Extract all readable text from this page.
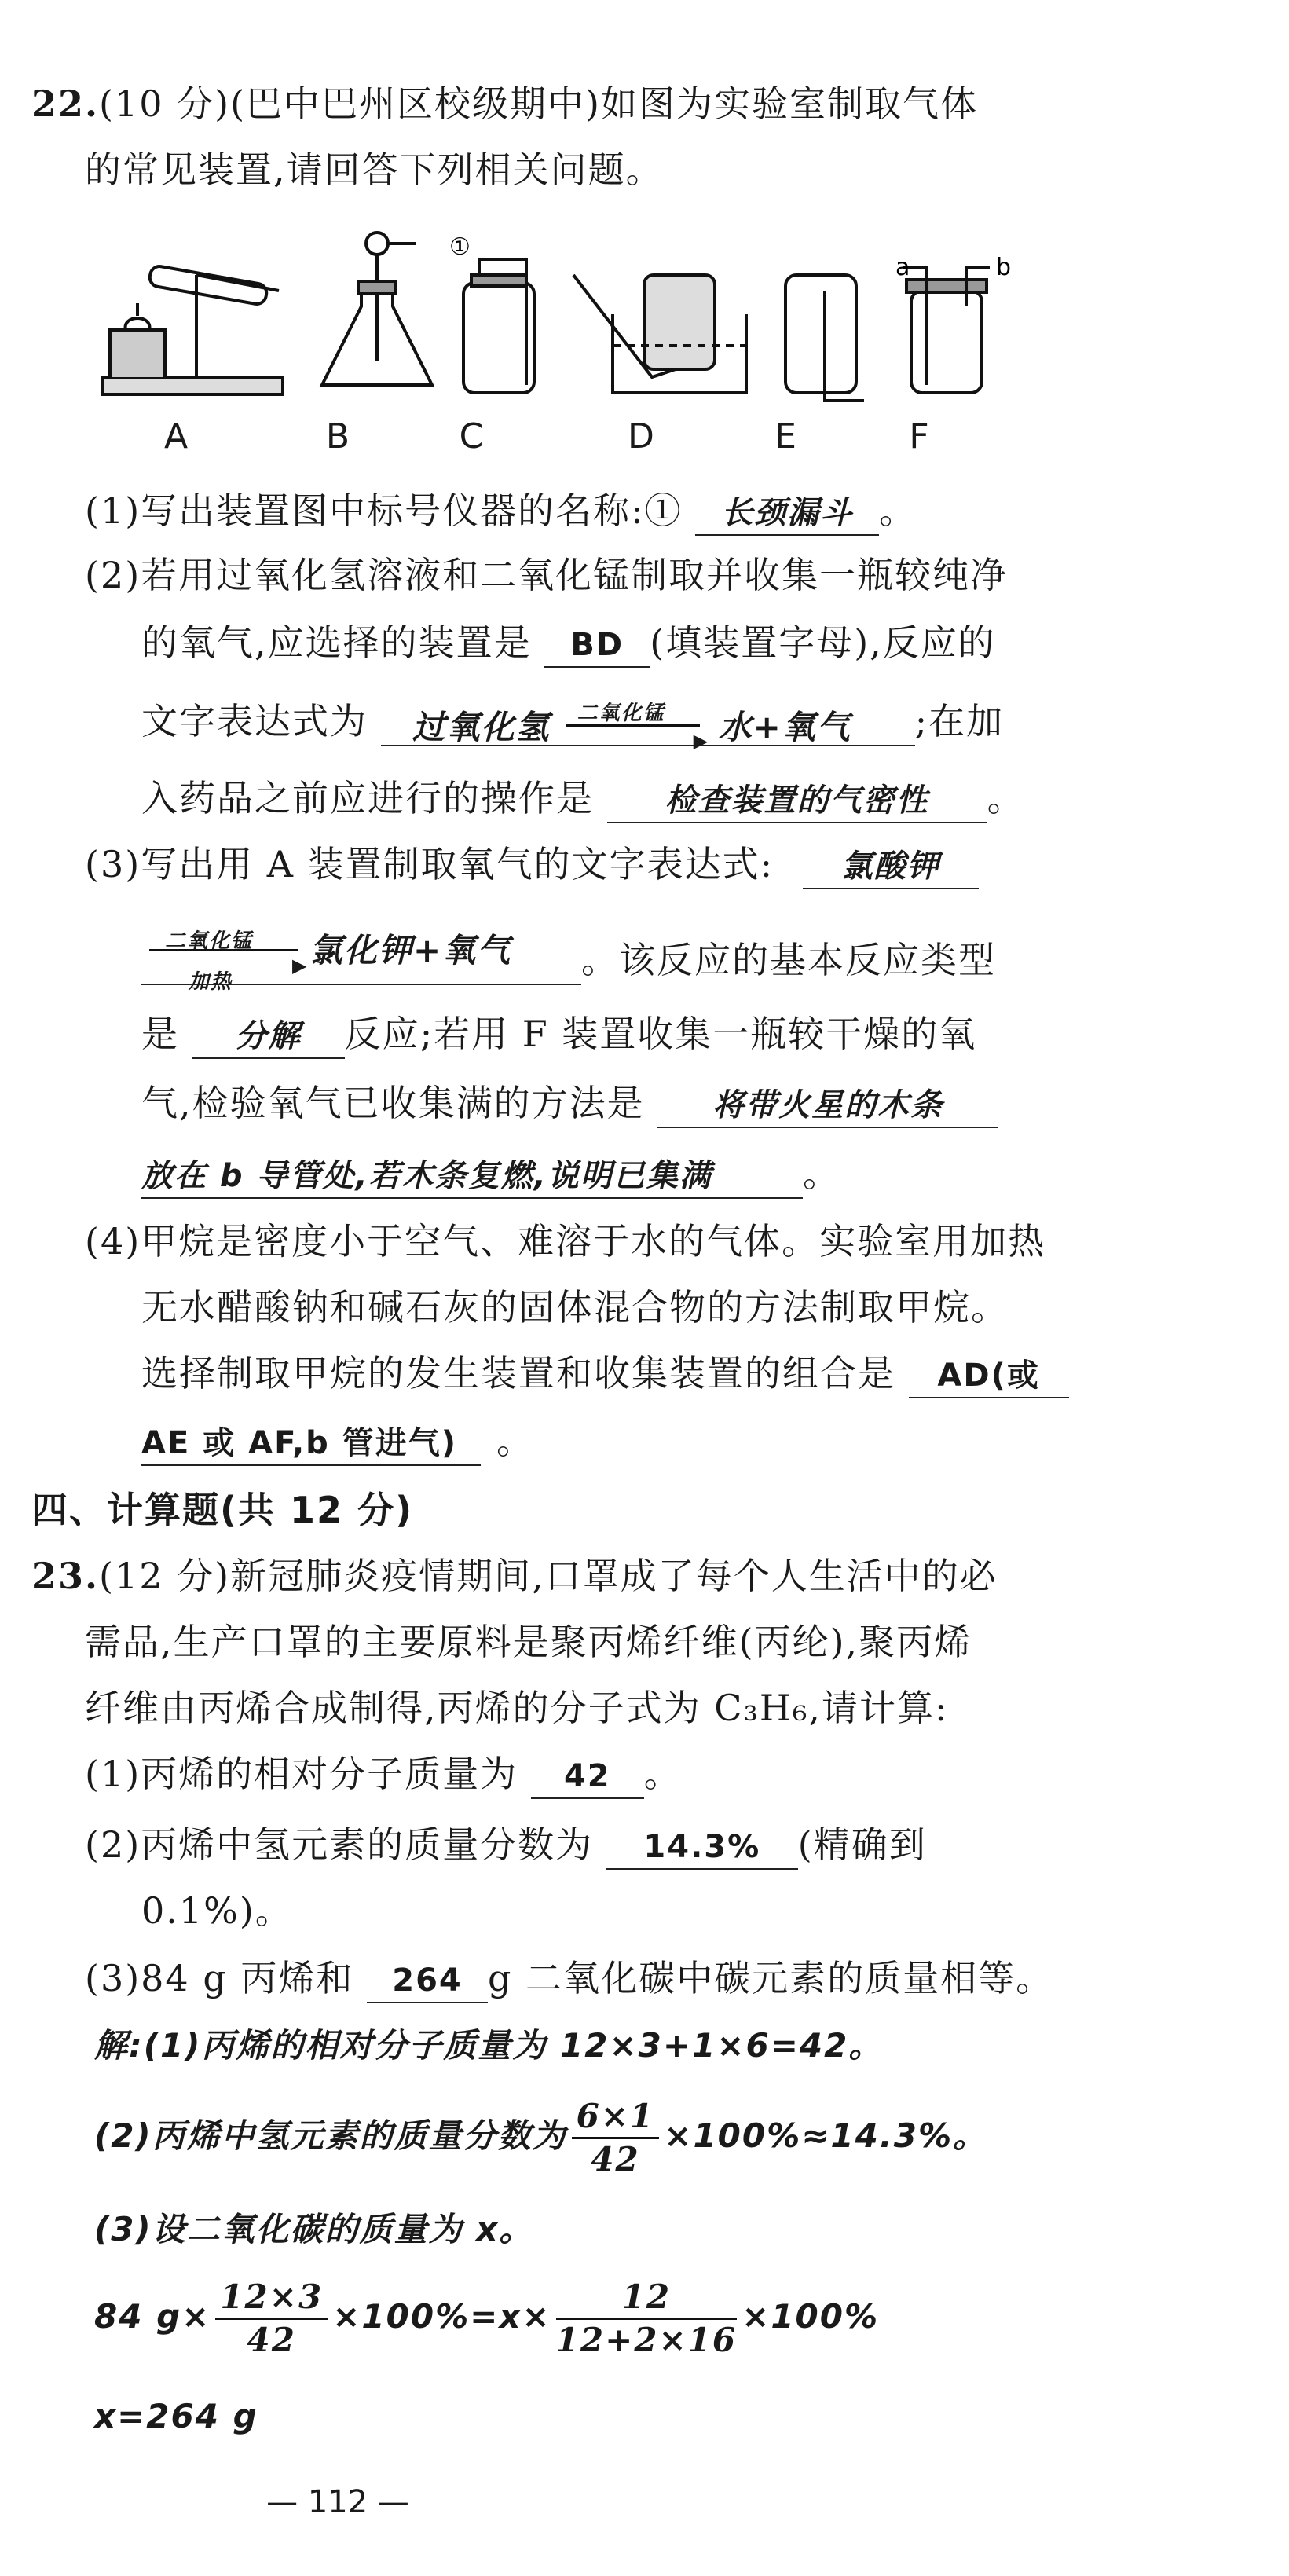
22.(10 分)(巴中巴州区校级期中)如图为实验室制取气体
的常见装置,请回答下列相关问题。
①
a	b
A	B	C	D	E	F
(1)写出装置图中标号仪器的名称:① 长颈漏斗 。
(2)若用过氧化氢溶液和二氧化锰制取并收集一瓶较纯净
的氧气,应选择的装置是 BD (填装置字母),反应的
文字表达式为 过氧化氢 二氧化锰
▶ 水+氧气 ;在加
入药品之前应进行的操作是 检查装置的气密性 。
(3)写出用 A 装置制取氧气的文字表达式: 氯酸钾
二氧化锰
▶
加热
氯化钾+氧气 。该反应的基本反应类型
是 分解 反应;若用 F 装置收集一瓶较干燥的氧
气,检验氧气已收集满的方法是 将带火星的木条
放在 b 导管处,若木条复燃,说明已集满	。
(4)甲烷是密度小于空气、难溶于水的气体。实验室用加热
无水醋酸钠和碱石灰的固体混合物的方法制取甲烷。
选择制取甲烷的发生装置和收集装置的组合是 AD(或
AE 或 AF,b 管进气) 。
四、计算题(共 12 分)
23.(12 分)新冠肺炎疫情期间,口罩成了每个人生活中的必
需品,生产口罩的主要原料是聚丙烯纤维(丙纶),聚丙烯
纤维由丙烯合成制得,丙烯的分子式为 C₃H₆,请计算:
(1)丙烯的相对分子质量为 42 。
(2)丙烯中氢元素的质量分数为 14.3% (精确到
0.1%)。
(3)84 g 丙烯和 264 g 二氧化碳中碳元素的质量相等。
解:(1)丙烯的相对分子质量为 12×3+1×6=42。
(2)丙烯中氢元素的质量分数为 $\frac{6\times 1}{42} \times 100\%\approx 14.3\%$。
(3)设二氧化碳的质量为 x。
84 $g\times \frac{12\times 3}{42} \times 100\%=x\times \frac{12}{12+2\times 16} \times 100\%$
x=264 g
— 112 —
